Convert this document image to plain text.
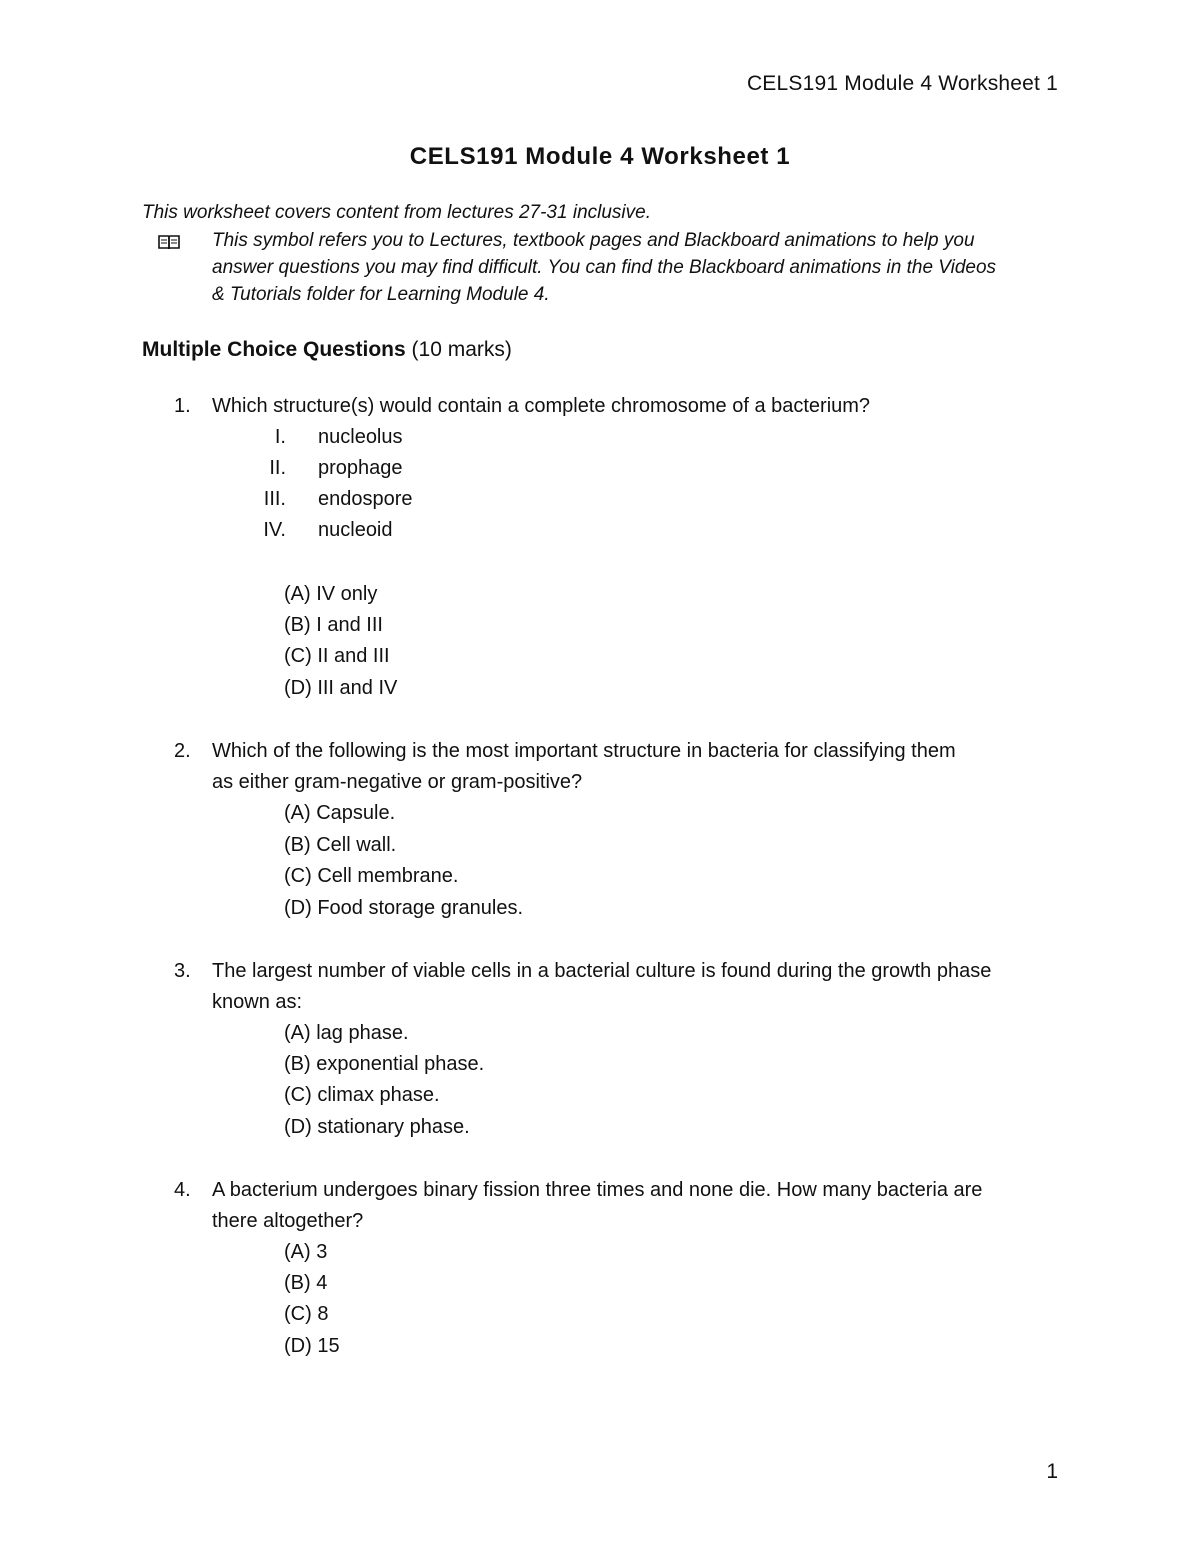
CELS191 Module 4 Worksheet 1
CELS191 Module 4 Worksheet 1
This worksheet covers content from lectures 27-31 inclusive.
This symbol refers you to Lectures, textbook pages and Blackboard animations to help you
answer questions you may find difficult. You can find the Blackboard animations in the Videos
& Tutorials folder for Learning Module 4.
Multiple Choice Questions (10 marks)
1. Which structure(s) would contain a complete chromosome of a bacterium?
I. nucleolus
II. prophage
III. endospore
IV. nucleoid
(A) IV only
(B) I and III
(C) II and III
(D) III and IV
2. Which of the following is the most important structure in bacteria for classifying them
as either gram-negative or gram-positive?
(A) Capsule.
(B) Cell wall.
(C) Cell membrane.
(D) Food storage granules.
3. The largest number of viable cells in a bacterial culture is found during the growth phase
known as:
(A) lag phase.
(B) exponential phase.
(C) climax phase.
(D) stationary phase.
4. A bacterium undergoes binary fission three times and none die. How many bacteria are
there altogether?
(A) 3
(B) 4
(C) 8
(D) 15
1
